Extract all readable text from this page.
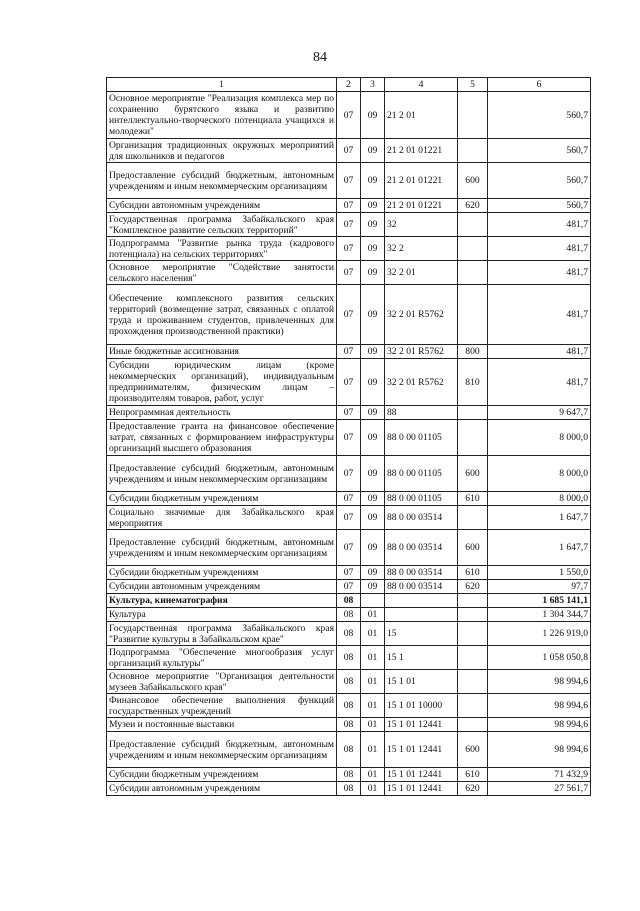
84
1	2	3	4	5	6
Основное мероприятие "Реализация комплекса мер по сохранению бурятского языка и развитию интеллектуально-творческого потенциала учащихся и молодежи"	07	09	21 2 01		560,7
Организация традиционных окружных мероприятий для школьников и педагогов	07	09	21 2 01 01221		560,7
Предоставление субсидий бюджетным, автономным учреждениям и иным некоммерческим организациям	07	09	21 2 01 01221	600	560,7
Субсидии автономным учреждениям	07	09	21 2 01 01221	620	560,7
Государственная программа Забайкальского края "Комплексное развитие сельских территорий"	07	09	32		481,7
Подпрограмма "Развитие рынка труда (кадрового потенциала) на сельских территориях"	07	09	32 2		481,7
Основное мероприятие "Содействие занятости сельского населения"	07	09	32 2 01		481,7
Обеспечение комплексного развития сельских территорий (возмещение затрат, связанных с оплатой труда и проживанием студентов, привлеченных для прохождения производственной практики)	07	09	32 2 01 R5762		481,7
Иные бюджетные ассигнования	07	09	32 2 01 R5762	800	481,7
Субсидии юридическим лицам (кроме некоммерческих организаций), индивидуальным предпринимателям, физическим лицам – производителям товаров, работ, услуг	07	09	32 2 01 R5762	810	481,7
Непрограммная деятельность	07	09	88		9 647,7
Предоставление гранта на финансовое обеспечение затрат, связанных с формированием инфраструктуры организаций высшего образования	07	09	88 0 00 01105		8 000,0
Предоставление субсидий бюджетным, автономным учреждениям и иным некоммерческим организациям	07	09	88 0 00 01105	600	8 000,0
Субсидии бюджетным учреждениям	07	09	88 0 00 01105	610	8 000,0
Социально значимые для Забайкальского края мероприятия	07	09	88 0 00 03514		1 647,7
Предоставление субсидий бюджетным, автономным учреждениям и иным некоммерческим организациям	07	09	88 0 00 03514	600	1 647,7
Субсидии бюджетным учреждениям	07	09	88 0 00 03514	610	1 550,0
Субсидии автономным учреждениям	07	09	88 0 00 03514	620	97,7
Культура, кинематография	08				1 685 141,1
Культура	08	01			1 304 344,7
Государственная программа Забайкальского края "Развитие культуры в Забайкальском крае"	08	01	15		1 226 919,0
Подпрограмма "Обеспечение многообразия услуг организаций культуры"	08	01	15 1		1 058 050,8
Основное мероприятие "Организация деятельности музеев Забайкальского края"	08	01	15 1 01		98 994,6
Финансовое обеспечение выполнения функций государственных учреждений	08	01	15 1 01 10000		98 994,6
Музеи и постоянные выставки	08	01	15 1 01 12441		98 994,6
Предоставление субсидий бюджетным, автономным учреждениям и иным некоммерческим организациям	08	01	15 1 01 12441	600	98 994,6
Субсидии бюджетным учреждениям	08	01	15 1 01 12441	610	71 432,9
Субсидии автономным учреждениям	08	01	15 1 01 12441	620	27 561,7
